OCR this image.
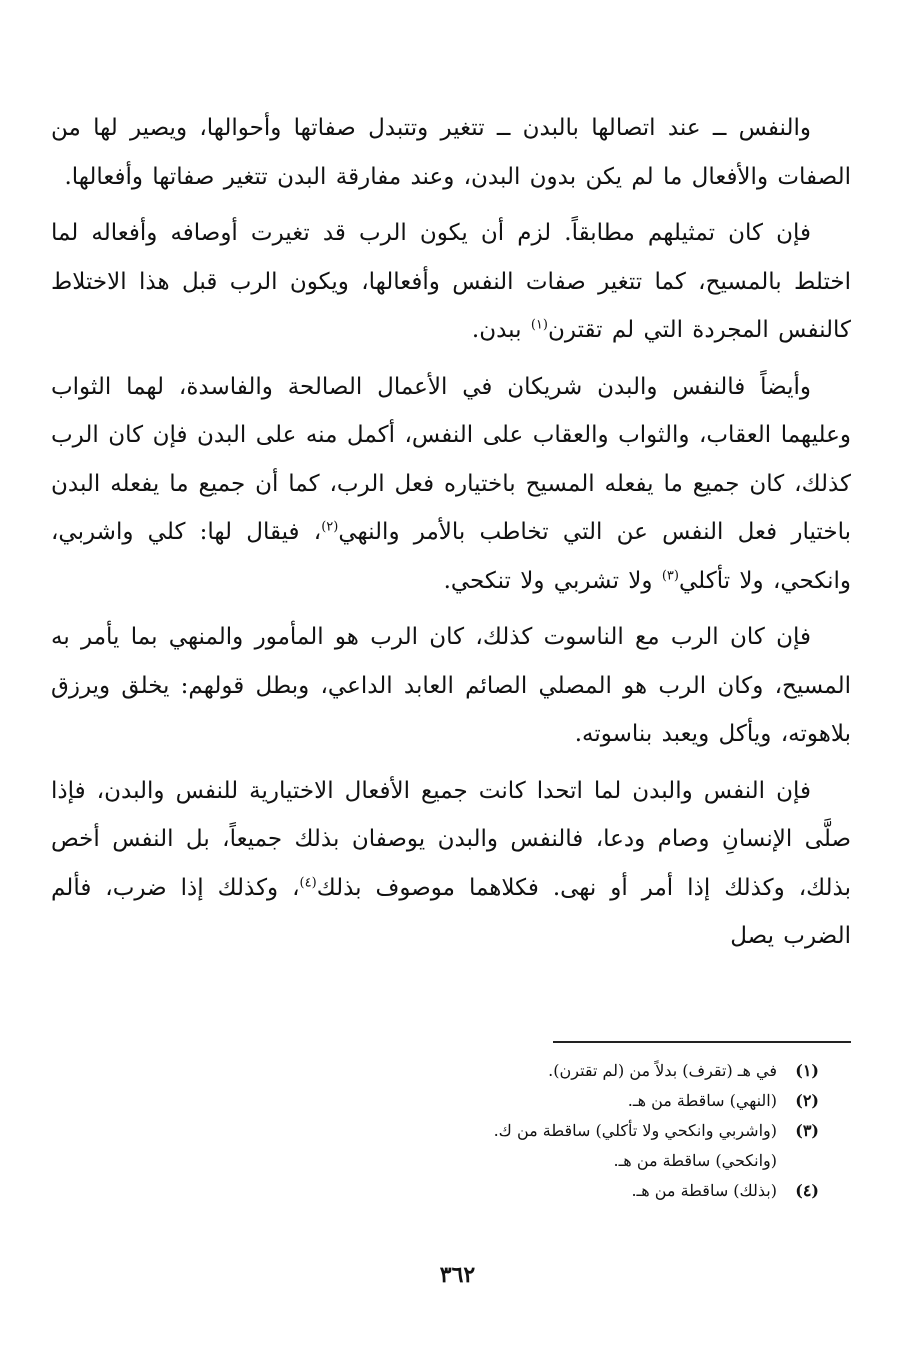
والنفس ــ عند اتصالها بالبدن ــ تتغير وتتبدل صفاتها وأحوالها، ويصير لها من الصفات والأفعال ما لم يكن بدون البدن، وعند مفارقة البدن تتغير صفاتها وأفعالها.

فإن كان تمثيلهم مطابقاً. لزم أن يكون الرب قد تغيرت أوصافه وأفعاله لما اختلط بالمسيح، كما تتغير صفات النفس وأفعالها، ويكون الرب قبل هذا الاختلاط كالنفس المجردة التي لم تقترن$^{(١)}$ ببدن.

وأيضاً فالنفس والبدن شريكان في الأعمال الصالحة والفاسدة، لهما الثواب وعليهما العقاب، والثواب والعقاب على النفس، أكمل منه على البدن فإن كان الرب كذلك، كان جميع ما يفعله المسيح باختياره فعل الرب، كما أن جميع ما يفعله البدن باختيار فعل النفس عن التي تخاطب بالأمر والنهي$^{(٢)}$، فيقال لها: كلي واشربي، وانكحي، ولا تأكلي$^{(٣)}$ ولا تشربي ولا تنكحي.

فإن كان الرب مع الناسوت كذلك، كان الرب هو المأمور والمنهي بما يأمر به المسيح، وكان الرب هو المصلي الصائم العابد الداعي، وبطل قولهم: يخلق ويرزق بلاهوته، ويأكل ويعبد بناسوته.

فإن النفس والبدن لما اتحدا كانت جميع الأفعال الاختيارية للنفس والبدن، فإذا صلَّى الإنسانِ وصام ودعا، فالنفس والبدن يوصفان بذلك جميعاً، بل النفس أخص بذلك، وكذلك إذا أمر أو نهى. فكلاهما موصوف بذلك$^{(٤)}$، وكذلك إذا ضرب، فألم الضرب يصل

(١)
في هـ (تقرف) بدلاً من (لم تقترن).
(٢)
(النهي) ساقطة من هـ.
(٣)
(واشربي وانكحي ولا تأكلي) ساقطة من ك.
(وانكحي) ساقطة من هـ.
(٤)
(بذلك) ساقطة من هـ.
٣٦٢
